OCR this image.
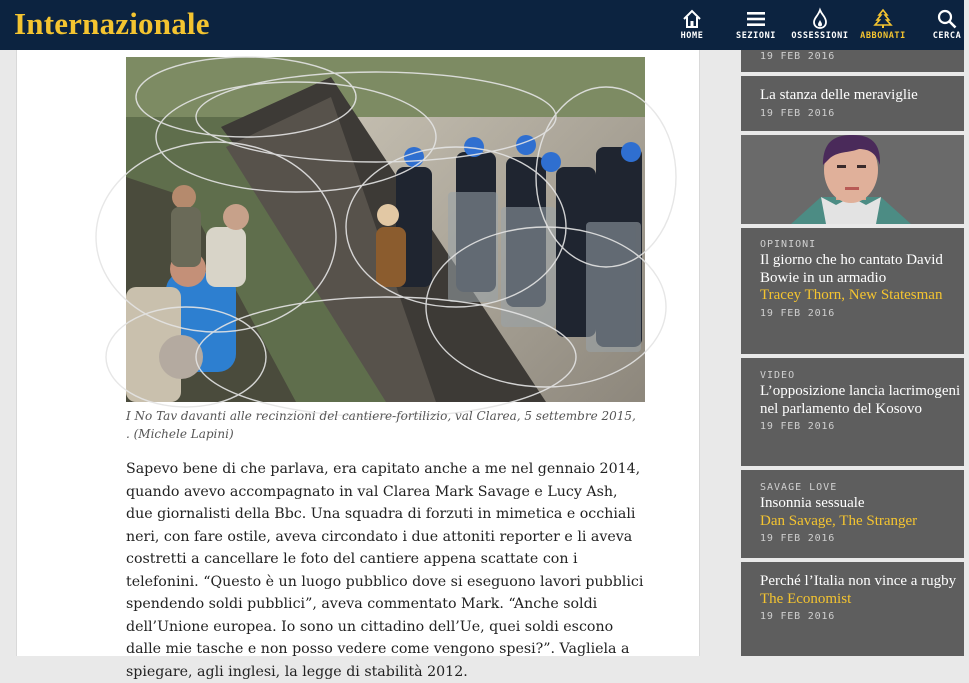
Internazionale	HOME	SEZIONI	OSSESSIONI	ABBONATI	CERCA
I No Tav davanti alle recinzioni del cantiere-fortilizio, val Clarea, 5 settembre 2015, . (Michele Lapini)
Sapevo bene di che parlava, era capitato anche a me nel gennaio 2014, quando avevo accompagnato in val Clarea Mark Savage e Lucy Ash, due giornalisti della Bbc. Una squadra di forzuti in mimetica e occhiali neri, con fare ostile, aveva circondato i due attoniti reporter e li aveva costretti a cancellare le foto del cantiere appena scattate con i telefonini. “Questo è un luogo pubblico dove si eseguono lavori pubblici spendendo soldi pubblici”, aveva commentato Mark. “Anche soldi dell’Unione europea. Io sono un cittadino dell’Ue, quei soldi escono dalle mie tasche e non posso vedere come vengono spesi?”. Vagliela a spiegare, agli inglesi, la legge di stabilità 2012.
19 FEB 2016
La stanza delle meraviglie
19 FEB 2016
OPINIONI
Il giorno che ho cantato David Bowie in un armadio
Tracey Thorn, New Statesman
19 FEB 2016
VIDEO
L’opposizione lancia lacrimogeni nel parlamento del Kosovo
19 FEB 2016
SAVAGE LOVE
Insonnia sessuale
Dan Savage, The Stranger
19 FEB 2016
Perché l’Italia non vince a rugby
The Economist
19 FEB 2016
